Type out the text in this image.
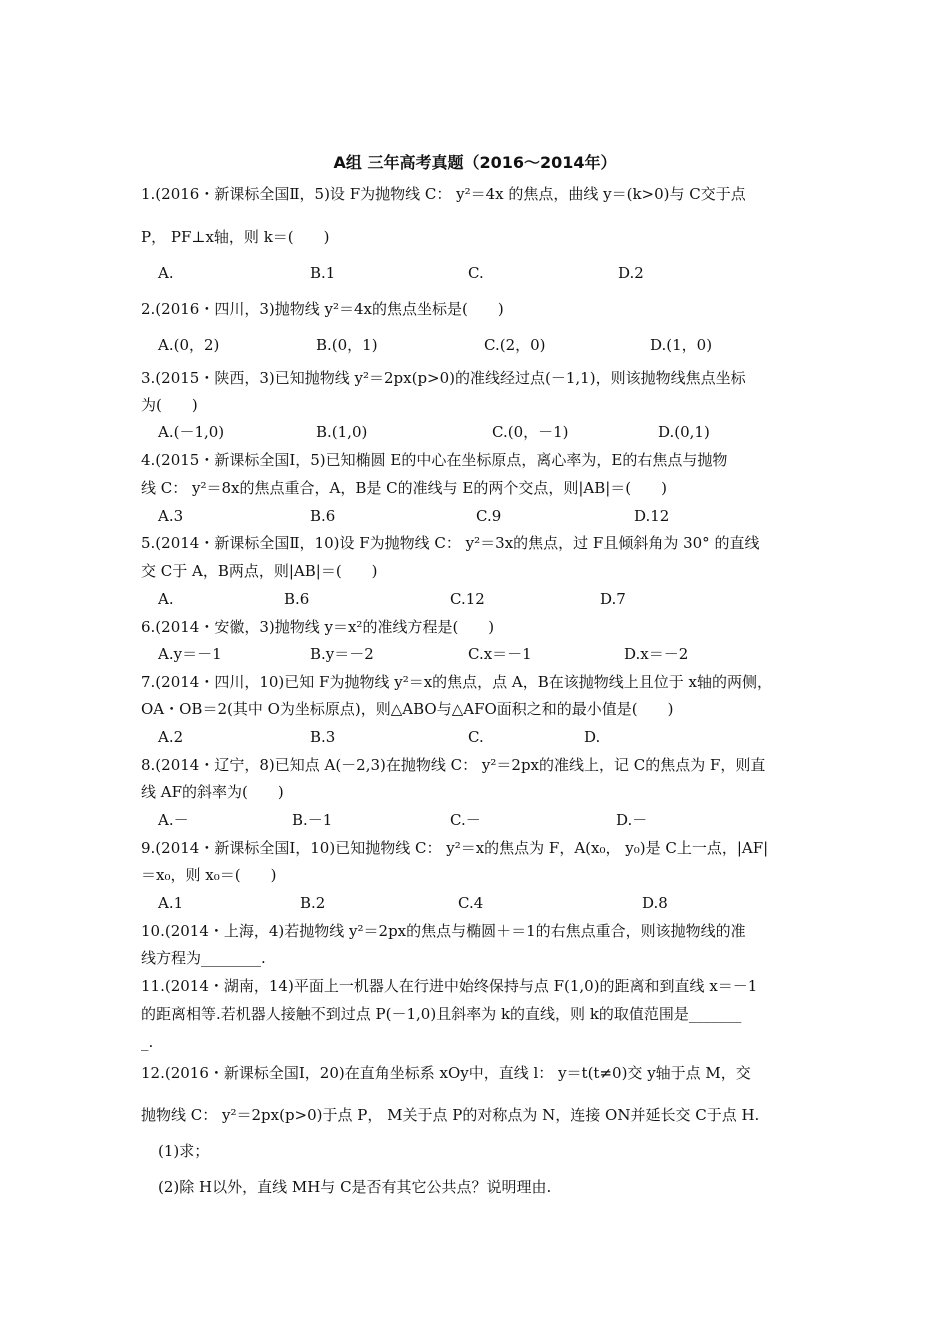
A组 三年高考真题（2016～2014年）
1.(2016・新课标全国Ⅱ，5)设 F为抛物线 C： y²＝4x 的焦点，曲线 y＝(k>0)与 C交于点
P， PF⊥x轴，则 k＝(　　)
A.	B.1	C.	D.2
2.(2016・四川，3)抛物线 y²＝4x的焦点坐标是(　　)
A.(0，2)	B.(0，1)	C.(2，0)	D.(1，0)
3.(2015・陕西，3)已知抛物线 y²＝2px(p>0)的准线经过点(－1,1)，则该抛物线焦点坐标
为(　　)
A.(－1,0)	B.(1,0)	C.(0，－1)	D.(0,1)
4.(2015・新课标全国Ⅰ，5)已知椭圆 E的中心在坐标原点，离心率为，E的右焦点与抛物
线 C： y²＝8x的焦点重合，A，B是 C的准线与 E的两个交点，则|AB|＝(　　)
A.3	B.6	C.9	D.12
5.(2014・新课标全国Ⅱ，10)设 F为抛物线 C： y²＝3x的焦点，过 F且倾斜角为 30° 的直线
交 C于 A，B两点，则|AB|＝(　　)
A.	B.6	C.12	D.7
6.(2014・安徽，3)抛物线 y＝x²的准线方程是(　　)
A.y＝－1	B.y＝－2	C.x＝－1	D.x＝－2
7.(2014・四川，10)已知 F为抛物线 y²＝x的焦点，点 A，B在该抛物线上且位于 x轴的两侧，
OA・OB＝2(其中 O为坐标原点)，则△ABO与△AFO面积之和的最小值是(　　)
A.2	B.3	C.	D.
8.(2014・辽宁，8)已知点 A(－2,3)在抛物线 C： y²＝2px的准线上，记 C的焦点为 F，则直
线 AF的斜率为(　　)
A.－	B.－1	C.－	D.－
9.(2014・新课标全国Ⅰ，10)已知抛物线 C： y²＝x的焦点为 F，A(x₀， y₀)是 C上一点，|AF|
＝x₀，则 x₀＝(　　)
A.1	B.2	C.4	D.8
10.(2014・上海，4)若抛物线 y²＝2px的焦点与椭圆＋＝1的右焦点重合，则该抛物线的准
线方程为________.
11.(2014・湖南，14)平面上一机器人在行进中始终保持与点 F(1,0)的距离和到直线 x＝－1
的距离相等.若机器人接触不到过点 P(－1,0)且斜率为 k的直线，则 k的取值范围是_______
_.
12.(2016・新课标全国Ⅰ，20)在直角坐标系 xOy中，直线 l： y＝t(t≠0)交 y轴于点 M，交
抛物线 C： y²＝2px(p>0)于点 P， M关于点 P的对称点为 N，连接 ON并延长交 C于点 H.
(1)求；
(2)除 H以外，直线 MH与 C是否有其它公共点？说明理由.
